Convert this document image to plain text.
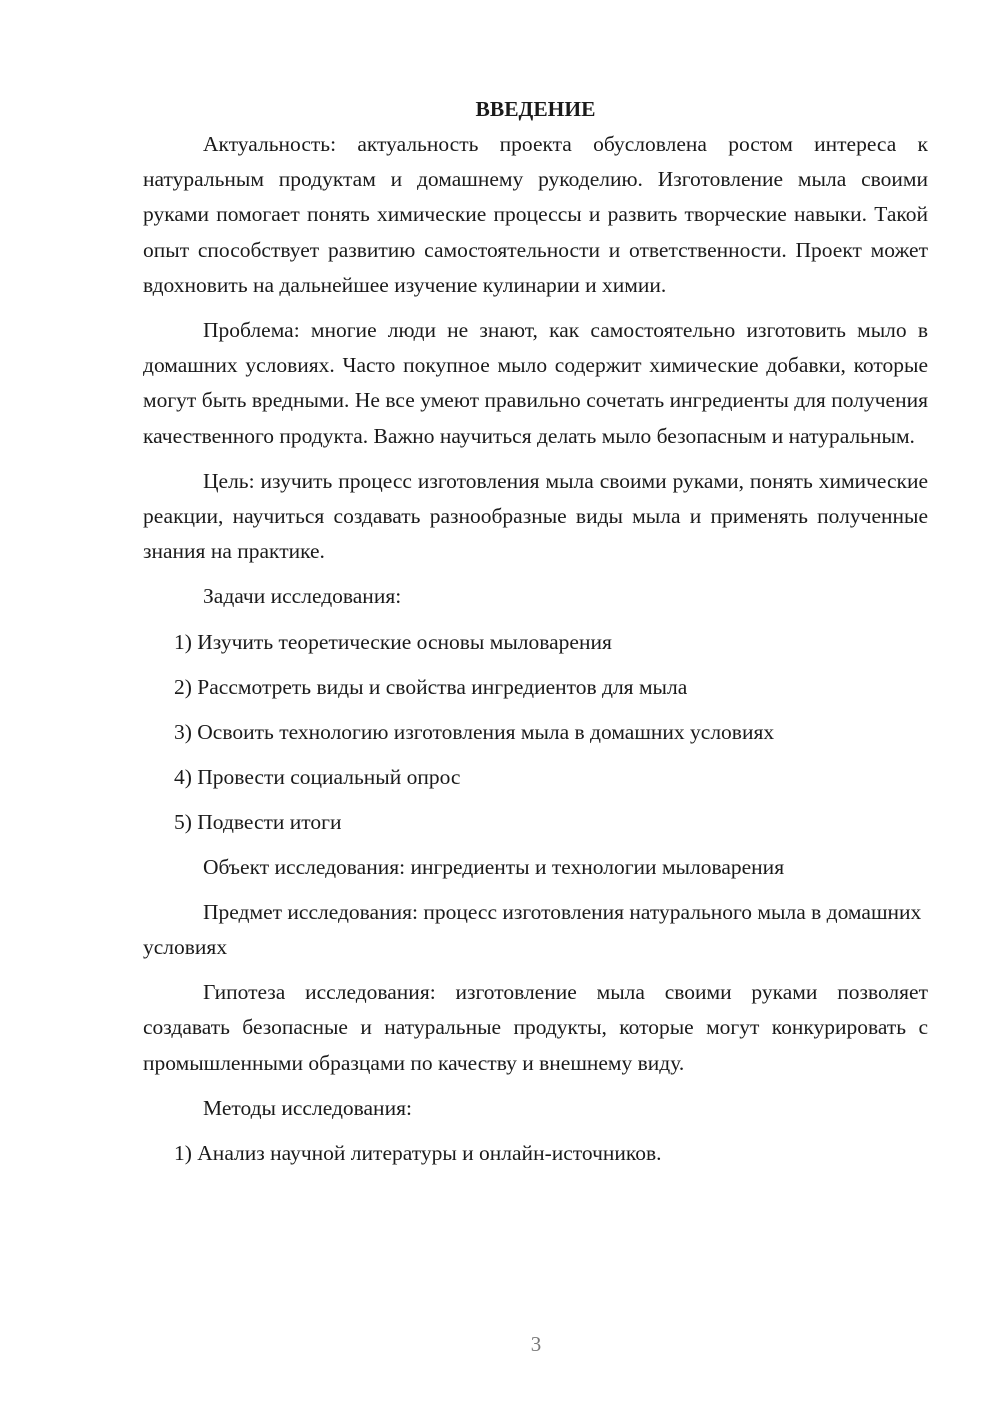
ВВЕДЕНИЕ

Актуальность: актуальность проекта обусловлена ростом интереса к натуральным продуктам и домашнему рукоделию. Изготовление мыла своими руками помогает понять химические процессы и развить творческие навыки. Такой опыт способствует развитию самостоятельности и ответственности. Проект может вдохновить на дальнейшее изучение кулинарии и химии.

Проблема: многие люди не знают, как самостоятельно изготовить мыло в домашних условиях. Часто покупное мыло содержит химические добавки, которые могут быть вредными. Не все умеют правильно сочетать ингредиенты для получения качественного продукта. Важно научиться делать мыло безопасным и натуральным.

Цель: изучить процесс изготовления мыла своими руками, понять химические реакции, научиться создавать разнообразные виды мыла и применять полученные знания на практике.

Задачи исследования:

1) Изучить теоретические основы мыловарения

2) Рассмотреть виды и свойства ингредиентов для мыла

3) Освоить технологию изготовления мыла в домашних условиях

4) Провести социальный опрос

5) Подвести итоги

Объект исследования: ингредиенты и технологии мыловарения

Предмет исследования: процесс изготовления натурального мыла в домашних условиях

Гипотеза исследования: изготовление мыла своими руками позволяет создавать безопасные и натуральные продукты, которые могут конкурировать с промышленными образцами по качеству и внешнему виду.

Методы исследования:

1) Анализ научной литературы и онлайн-источников.

3
